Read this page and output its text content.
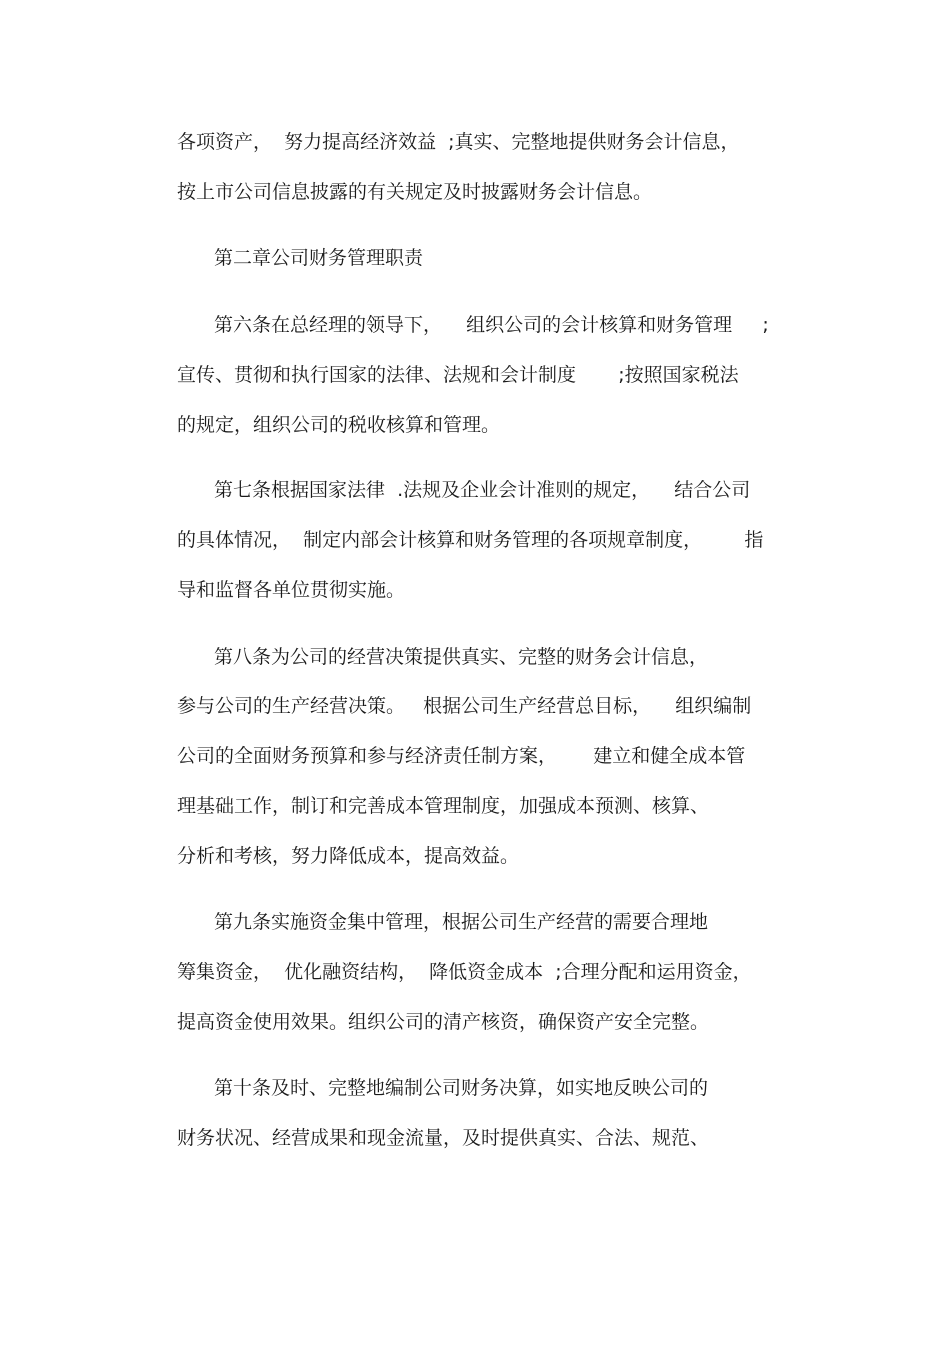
各项资产，  努力提高经济效益  ;真实、完整地提供财务会计信息，
按上市公司信息披露的有关规定及时披露财务会计信息。
第二章公司财务管理职责
第六条在总经理的领导下，    组织公司的会计核算和财务管理     ;
宣传、贯彻和执行国家的法律、法规和会计制度       ;按照国家税法
的规定，组织公司的税收核算和管理。
第七条根据国家法律  .法规及企业会计准则的规定，    结合公司
的具体情况，  制定内部会计核算和财务管理的各项规章制度，       指
导和监督各单位贯彻实施。
第八条为公司的经营决策提供真实、完整的财务会计信息，
参与公司的生产经营决策。   根据公司生产经营总目标，    组织编制
公司的全面财务预算和参与经济责任制方案，      建立和健全成本管
理基础工作，制订和完善成本管理制度，加强成本预测、核算、
分析和考核，努力降低成本，提高效益。
第九条实施资金集中管理，根据公司生产经营的需要合理地
筹集资金，  优化融资结构，  降低资金成本  ;合理分配和运用资金，
提高资金使用效果。组织公司的清产核资，确保资产安全完整。
第十条及时、完整地编制公司财务决算，如实地反映公司的
财务状况、经营成果和现金流量，及时提供真实、合法、规范、
